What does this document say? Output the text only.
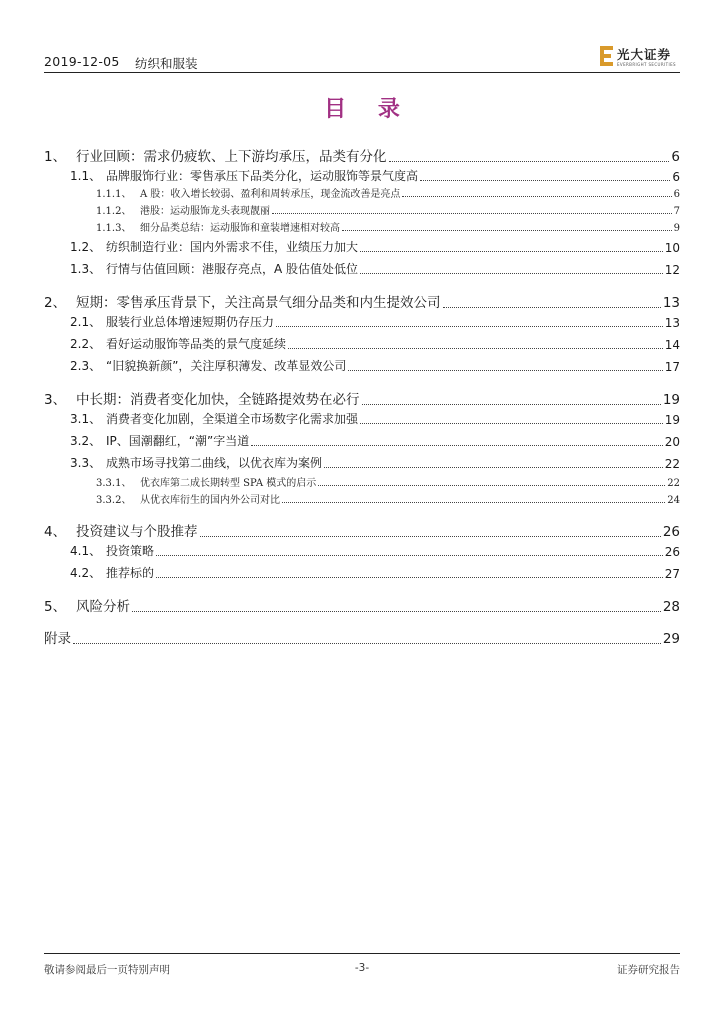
2019-12-05 纺织和服装
光大证券
EVERBRIGHT SECURITIES
目 录
1、 行业回顾：需求仍疲软、上下游均承压，品类有分化	6
1.1、 品牌服饰行业：零售承压下品类分化，运动服饰等景气度高	6
1.1.1、 A 股：收入增长较弱、盈利和周转承压，现金流改善是亮点	6
1.1.2、 港股：运动服饰龙头表现靓丽	7
1.1.3、 细分品类总结：运动服饰和童装增速相对较高	9
1.2、 纺织制造行业：国内外需求不佳，业绩压力加大	10
1.3、 行情与估值回顾：港服存亮点，A 股估值处低位	12
2、 短期：零售承压背景下，关注高景气细分品类和内生提效公司	13
2.1、 服装行业总体增速短期仍存压力	13
2.2、 看好运动服饰等品类的景气度延续	14
2.3、 “旧貌换新颜”，关注厚积薄发、改革显效公司	17
3、 中长期：消费者变化加快，全链路提效势在必行	19
3.1、 消费者变化加剧，全渠道全市场数字化需求加强	19
3.2、 IP、国潮翻红，“潮”字当道	20
3.3、 成熟市场寻找第二曲线，以优衣库为案例	22
3.3.1、 优衣库第二成长期转型 SPA 模式的启示	22
3.3.2、 从优衣库衍生的国内外公司对比	24
4、 投资建议与个股推荐	26
4.1、 投资策略	26
4.2、 推荐标的	27
5、 风险分析	28
附录	29
敬请参阅最后一页特别声明	-3-	证券研究报告
